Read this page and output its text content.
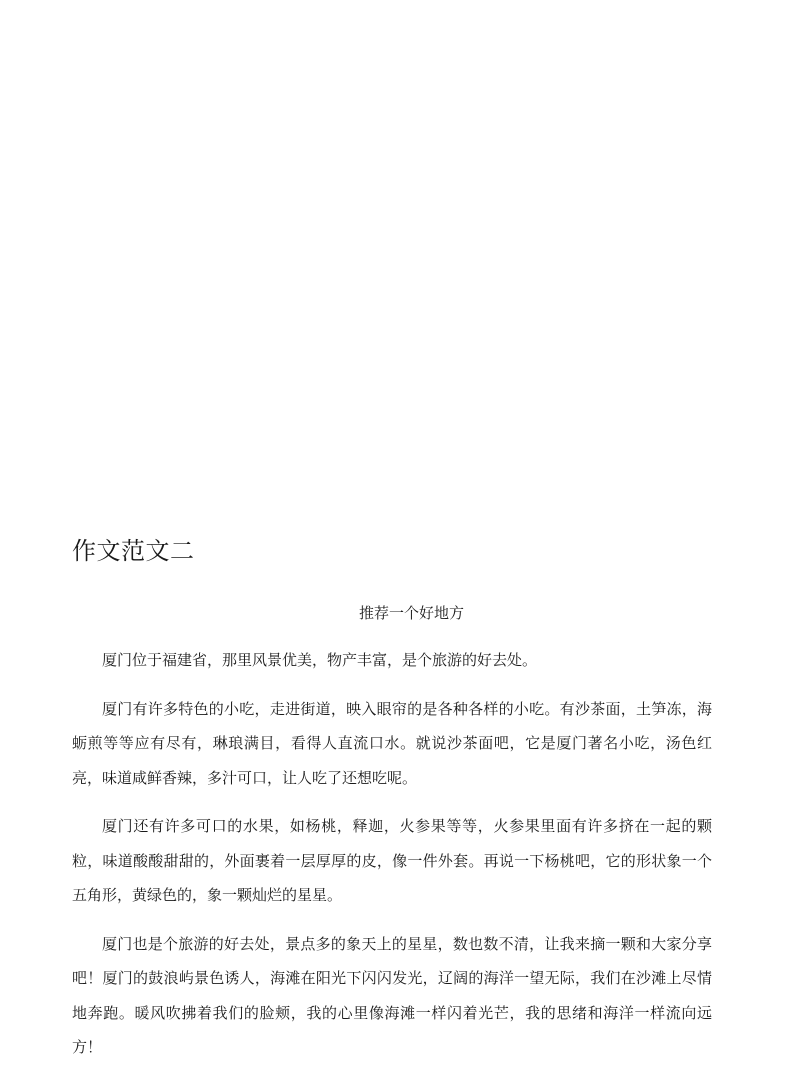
作文范文二

推荐一个好地方

厦门位于福建省，那里风景优美，物产丰富，是个旅游的好去处。

厦门有许多特色的小吃，走进街道，映入眼帘的是各种各样的小吃。有沙茶面，土笋冻，海蛎煎等等应有尽有，琳琅满目，看得人直流口水。就说沙茶面吧，它是厦门著名小吃，汤色红亮，味道咸鲜香辣，多汁可口，让人吃了还想吃呢。

厦门还有许多可口的水果，如杨桃，释迦，火参果等等，火参果里面有许多挤在一起的颗粒，味道酸酸甜甜的，外面裹着一层厚厚的皮，像一件外套。再说一下杨桃吧，它的形状象一个五角形，黄绿色的，象一颗灿烂的星星。

厦门也是个旅游的好去处，景点多的象天上的星星，数也数不清，让我来摘一颗和大家分享吧！厦门的鼓浪屿景色诱人，海滩在阳光下闪闪发光，辽阔的海洋一望无际，我们在沙滩上尽情地奔跑。暖风吹拂着我们的脸颊，我的心里像海滩一样闪着光芒，我的思绪和海洋一样流向远方！
